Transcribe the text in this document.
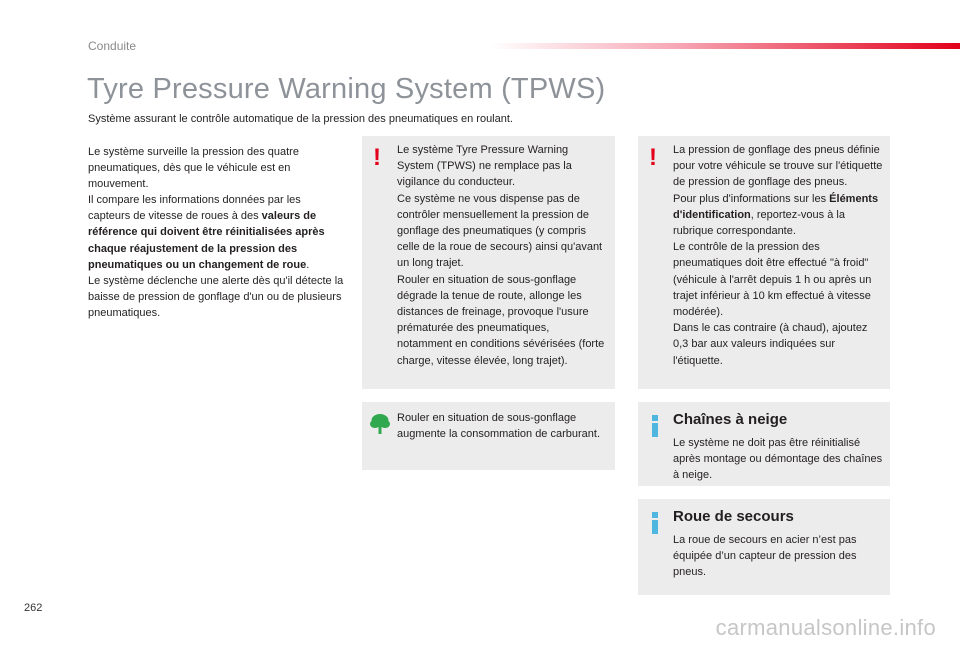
Conduite
Tyre Pressure Warning System (TPWS)
Système assurant le contrôle automatique de la pression des pneumatiques en roulant.

Le système surveille la pression des quatre pneumatiques, dès que le véhicule est en mouvement.

Il compare les informations données par les capteurs de vitesse de roues à des valeurs de référence qui doivent être réinitialisées après chaque réajustement de la pression des pneumatiques ou un changement de roue.

Le système déclenche une alerte dès qu'il détecte la baisse de pression de gonflage d'un ou de plusieurs pneumatiques.

! Le système Tyre Pressure Warning System (TPWS) ne remplace pas la vigilance du conducteur.

Ce système ne vous dispense pas de contrôler mensuellement la pression de gonflage des pneumatiques (y compris celle de la roue de secours) ainsi qu'avant un long trajet.

Rouler en situation de sous-gonflage dégrade la tenue de route, allonge les distances de freinage, provoque l'usure prématurée des pneumatiques, notamment en conditions sévérisées (forte charge, vitesse élevée, long trajet).

Rouler en situation de sous-gonflage augmente la consommation de carburant.

! La pression de gonflage des pneus définie pour votre véhicule se trouve sur l'étiquette de pression de gonflage des pneus.

Pour plus d'informations sur les Éléments d'identification, reportez-vous à la rubrique correspondante.

Le contrôle de la pression des pneumatiques doit être effectué "à froid" (véhicule à l'arrêt depuis 1 h ou après un trajet inférieur à 10 km effectué à vitesse modérée).

Dans le cas contraire (à chaud), ajoutez 0,3 bar aux valeurs indiquées sur l'étiquette.

Chaînes à neige

Le système ne doit pas être réinitialisé après montage ou démontage des chaînes à neige.

Roue de secours

La roue de secours en acier n’est pas équipée d’un capteur de pression des pneus.

262
carmanualsonline.info
